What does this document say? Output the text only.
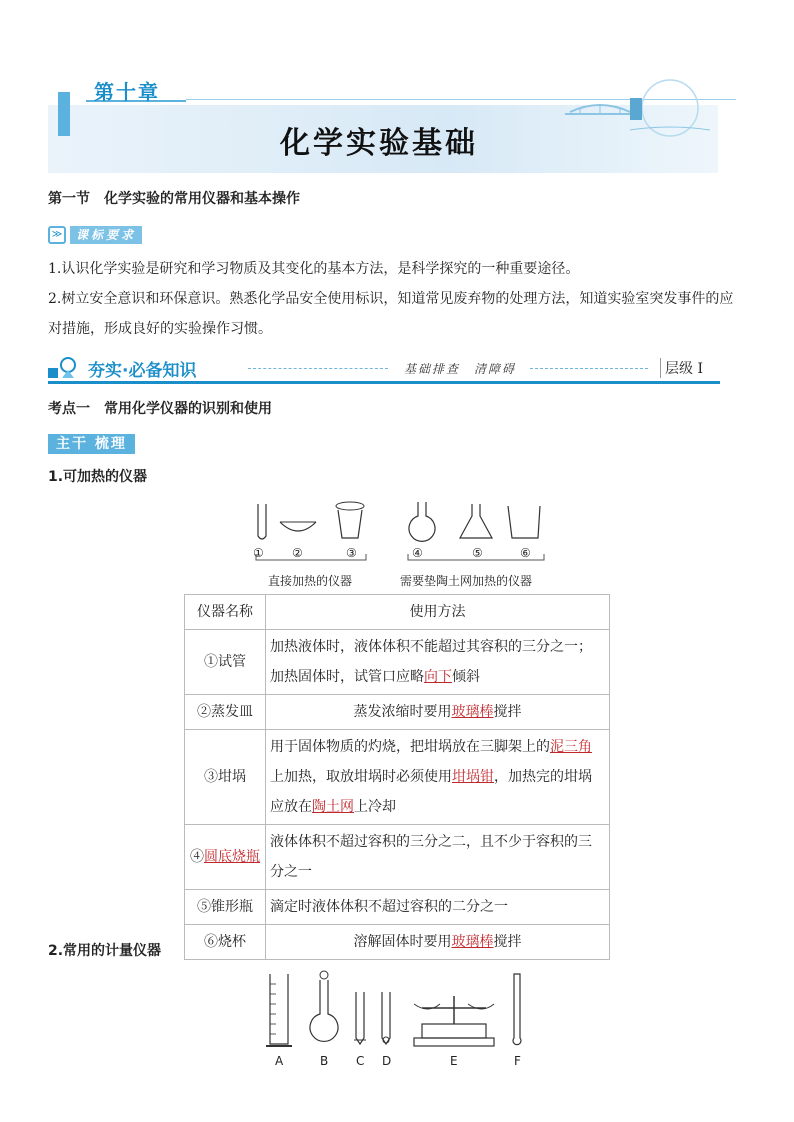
第十章
化学实验基础
第一节　化学实验的常用仪器和基本操作
≫	课标要求
1.认识化学实验是研究和学习物质及其变化的基本方法，是科学探究的一种重要途径。
2.树立安全意识和环保意识。熟悉化学品安全使用标识，知道常见废弃物的处理方法，知道实验室突发事件的应对措施，形成良好的实验操作习惯。
夯实·必备知识	基础排查　清障碍	层级 Ⅰ
考点一　常用化学仪器的识别和使用
主干 梳理
1.可加热的仪器
① ②	③	④	⑤	⑥
直接加热的仪器	需要垫陶土网加热的仪器
仪器名称	使用方法
①试管	加热液体时，液体体积不能超过其容积的三分之一；加热固体时，试管口应略向下倾斜
②蒸发皿	蒸发浓缩时要用玻璃棒搅拌
③坩埚	用于固体物质的灼烧，把坩埚放在三脚架上的泥三角上加热，取放坩埚时必须使用坩埚钳，加热完的坩埚应放在陶土网上冷却
④圆底烧瓶	液体体积不超过容积的三分之二，且不少于容积的三分之一
⑤锥形瓶	滴定时液体体积不超过容积的二分之一
⑥烧杯	溶解固体时要用玻璃棒搅拌
2.常用的计量仪器
A	B C D	E	F
